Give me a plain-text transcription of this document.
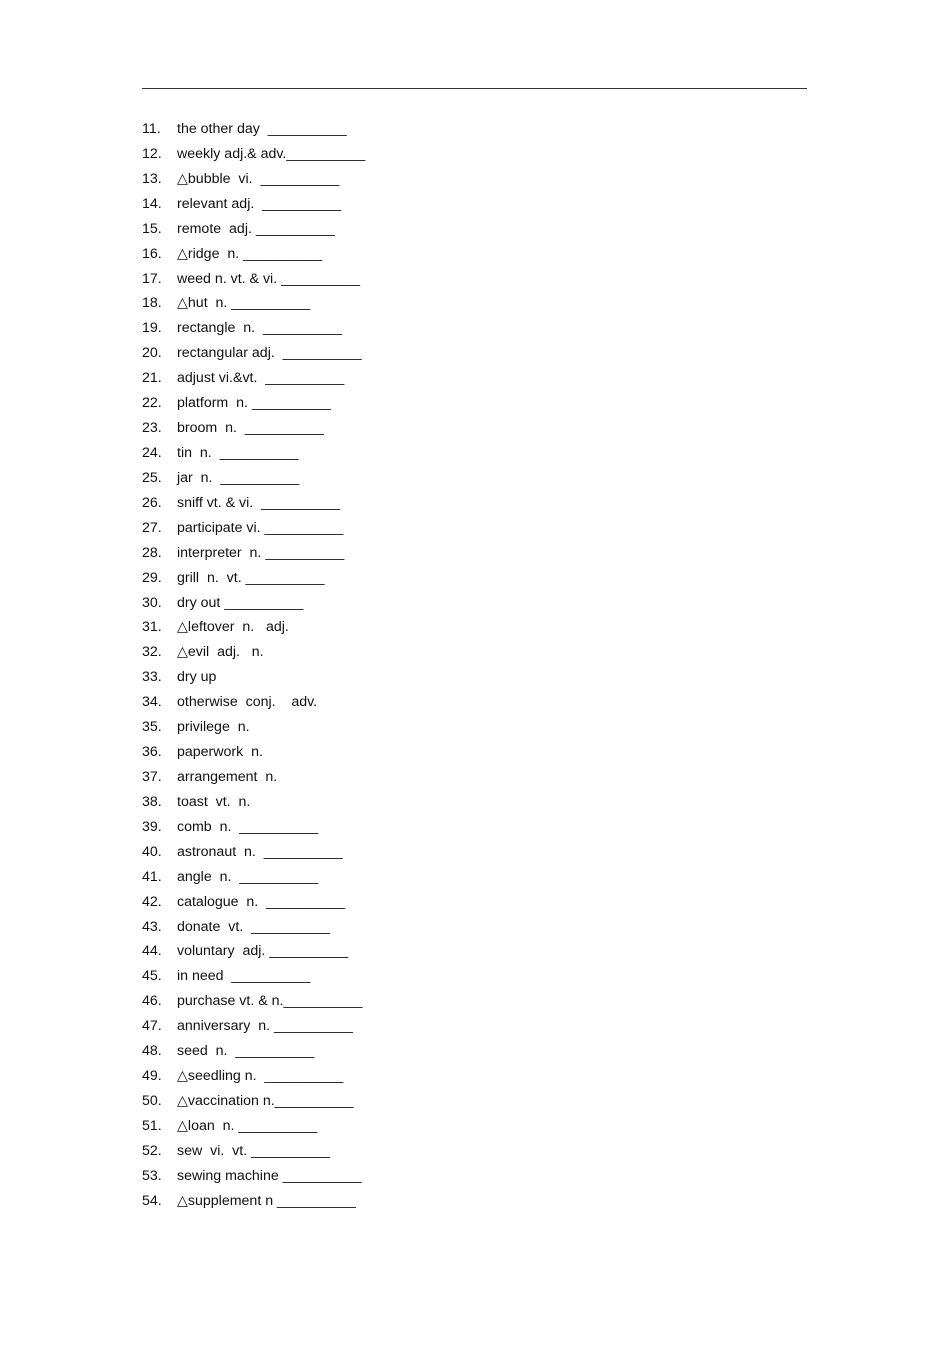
11. the other day  __________
12. weekly adj.& adv.__________
13. △bubble  vi.  __________
14. relevant adj.  __________
15. remote  adj. __________
16. △ridge  n. __________
17. weed n. vt. & vi. __________
18. △hut  n. __________
19. rectangle  n.  __________
20. rectangular adj.  __________
21. adjust vi.&vt.  __________
22. platform  n. __________
23. broom  n.  __________
24. tin  n.  __________
25. jar  n.  __________
26. sniff vt. & vi.  __________
27. participate vi. __________
28. interpreter  n. __________
29. grill  n.  vt. __________
30. dry out __________
31. △leftover  n.   adj.
32. △evil  adj.   n.
33. dry up
34. otherwise  conj.    adv.
35. privilege  n.
36. paperwork  n.
37. arrangement  n.
38. toast  vt.  n.
39. comb  n.  __________
40. astronaut  n.  __________
41. angle  n.  __________
42. catalogue  n.  __________
43. donate  vt.  __________
44. voluntary  adj. __________
45. in need  __________
46. purchase vt. & n.__________
47. anniversary  n. __________
48. seed  n.  __________
49. △seedling n.  __________
50. △vaccination n.__________
51. △loan  n. __________
52. sew  vi.  vt. __________
53. sewing machine __________
54. △supplement n __________
